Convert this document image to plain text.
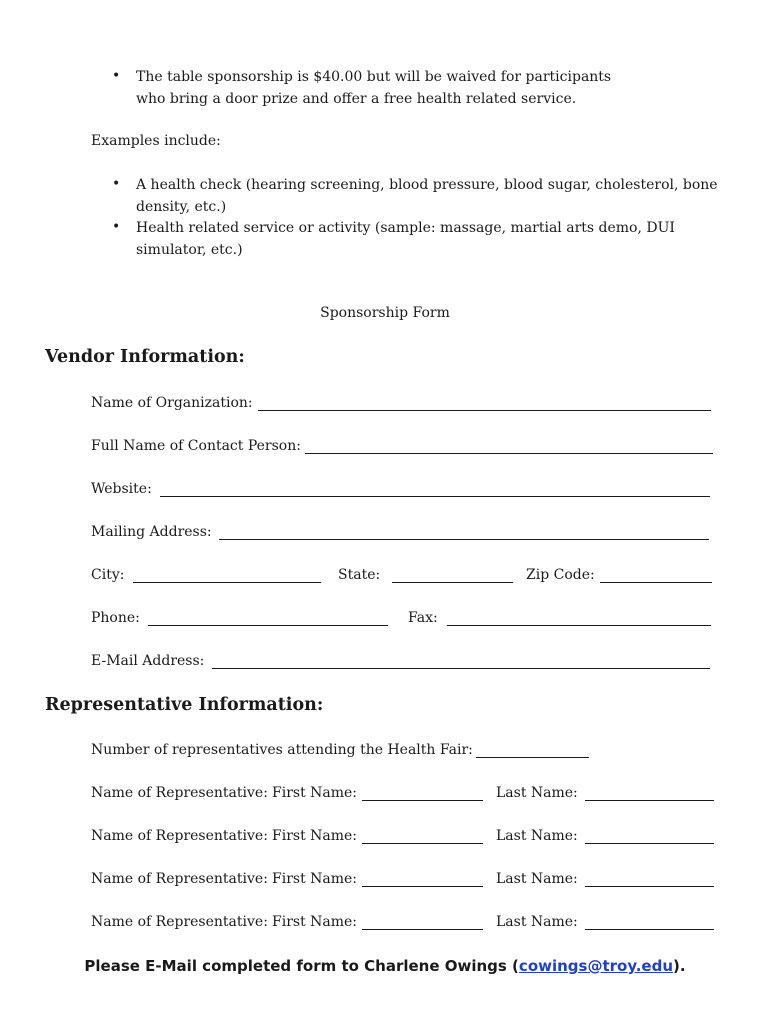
• The table sponsorship is $40.00 but will be waived for participants
who bring a door prize and offer a free health related service.
Examples include:
• A health check (hearing screening, blood pressure, blood sugar, cholesterol, bone
density, etc.)
• Health related service or activity (sample: massage, martial arts demo, DUI
simulator, etc.)
Sponsorship Form
Vendor Information:
Name of Organization:
Full Name of Contact Person:
Website:
Mailing Address:
City:	State:	Zip Code:
Phone:	Fax:
E-Mail Address:
Representative Information:
Number of representatives attending the Health Fair:
Name of Representative: First Name:	Last Name:
Name of Representative: First Name:	Last Name:
Name of Representative: First Name:	Last Name:
Name of Representative: First Name:	Last Name:
Please E-Mail completed form to Charlene Owings (cowings@troy.edu).
